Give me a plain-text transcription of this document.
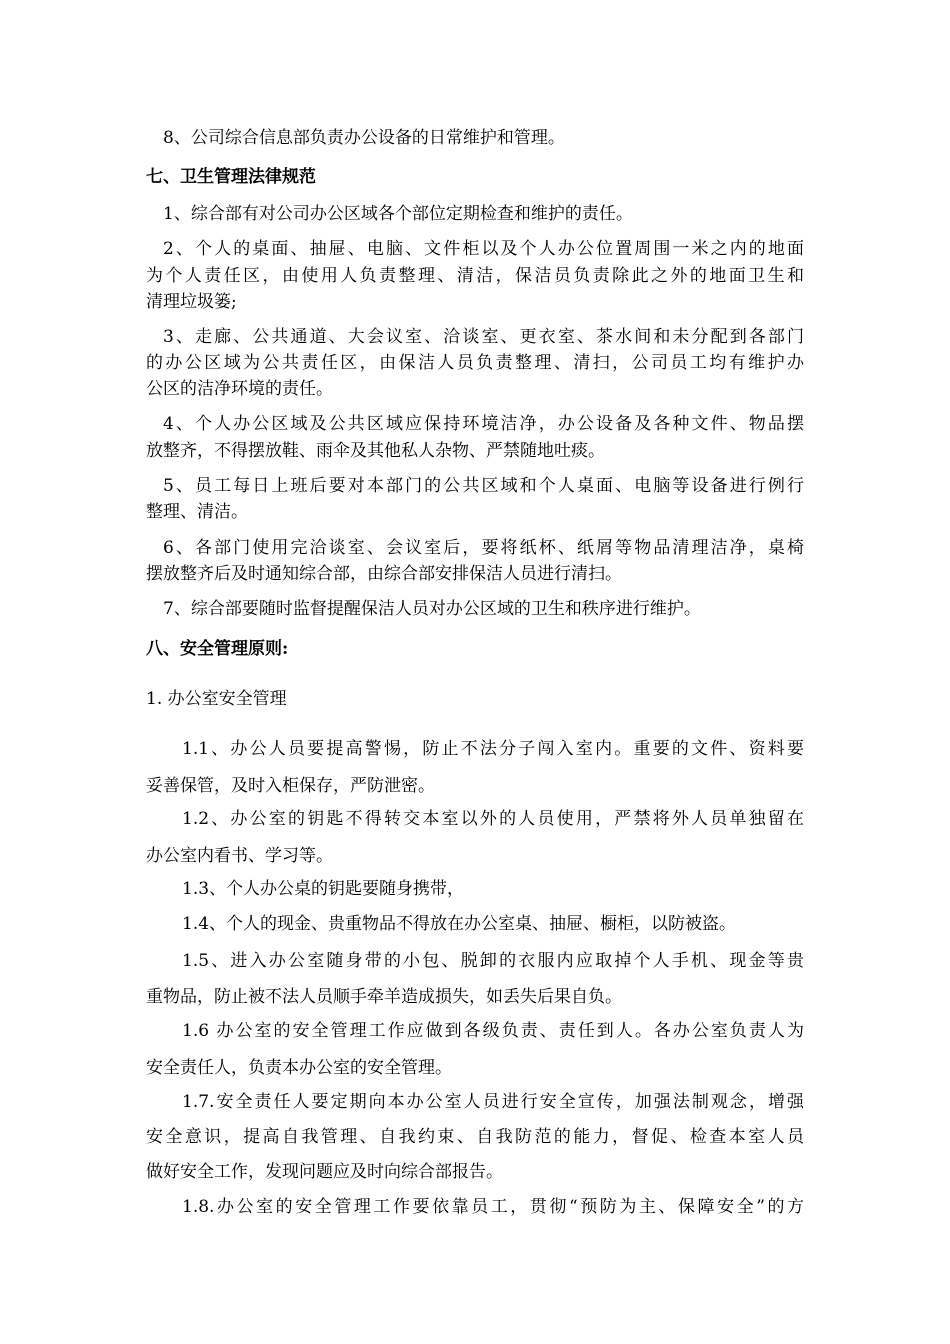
8、公司综合信息部负责办公设备的日常维护和管理。
七、卫生管理法律规范
1、综合部有对公司办公区域各个部位定期检查和维护的责任。
2、个人的桌面、抽屉、电脑、文件柜以及个人办公位置周围一米之内的地面
为个人责任区，由使用人负责整理、清洁，保洁员负责除此之外的地面卫生和
清理垃圾篓;
3、走廊、公共通道、大会议室、洽谈室、更衣室、茶水间和未分配到各部门
的办公区域为公共责任区，由保洁人员负责整理、清扫，公司员工均有维护办
公区的洁净环境的责任。
4、个人办公区域及公共区域应保持环境洁净，办公设备及各种文件、物品摆
放整齐，不得摆放鞋、雨伞及其他私人杂物、严禁随地吐痰。
5、员工每日上班后要对本部门的公共区域和个人桌面、电脑等设备进行例行
整理、清洁。
6、各部门使用完洽谈室、会议室后，要将纸杯、纸屑等物品清理洁净，桌椅
摆放整齐后及时通知综合部，由综合部安排保洁人员进行清扫。
7、综合部要随时监督提醒保洁人员对办公区域的卫生和秩序进行维护。
八、安全管理原则:
1. 办公室安全管理
1.1、办公人员要提高警惕，防止不法分子闯入室内。重要的文件、资料要
妥善保管，及时入柜保存，严防泄密。
1.2、办公室的钥匙不得转交本室以外的人员使用，严禁将外人员单独留在
办公室内看书、学习等。
1.3、个人办公桌的钥匙要随身携带，
1.4、个人的现金、贵重物品不得放在办公室桌、抽屉、橱柜，以防被盗。
1.5、进入办公室随身带的小包、脱卸的衣服内应取掉个人手机、现金等贵
重物品，防止被不法人员顺手牵羊造成损失，如丢失后果自负。
1.6 办公室的安全管理工作应做到各级负责、责任到人。各办公室负责人为
安全责任人，负责本办公室的安全管理。
1.7.安全责任人要定期向本办公室人员进行安全宣传，加强法制观念，增强
安全意识，提高自我管理、自我约束、自我防范的能力，督促、检查本室人员
做好安全工作，发现问题应及时向综合部报告。
1.8.办公室的安全管理工作要依靠员工，贯彻“预防为主、保障安全”的方
